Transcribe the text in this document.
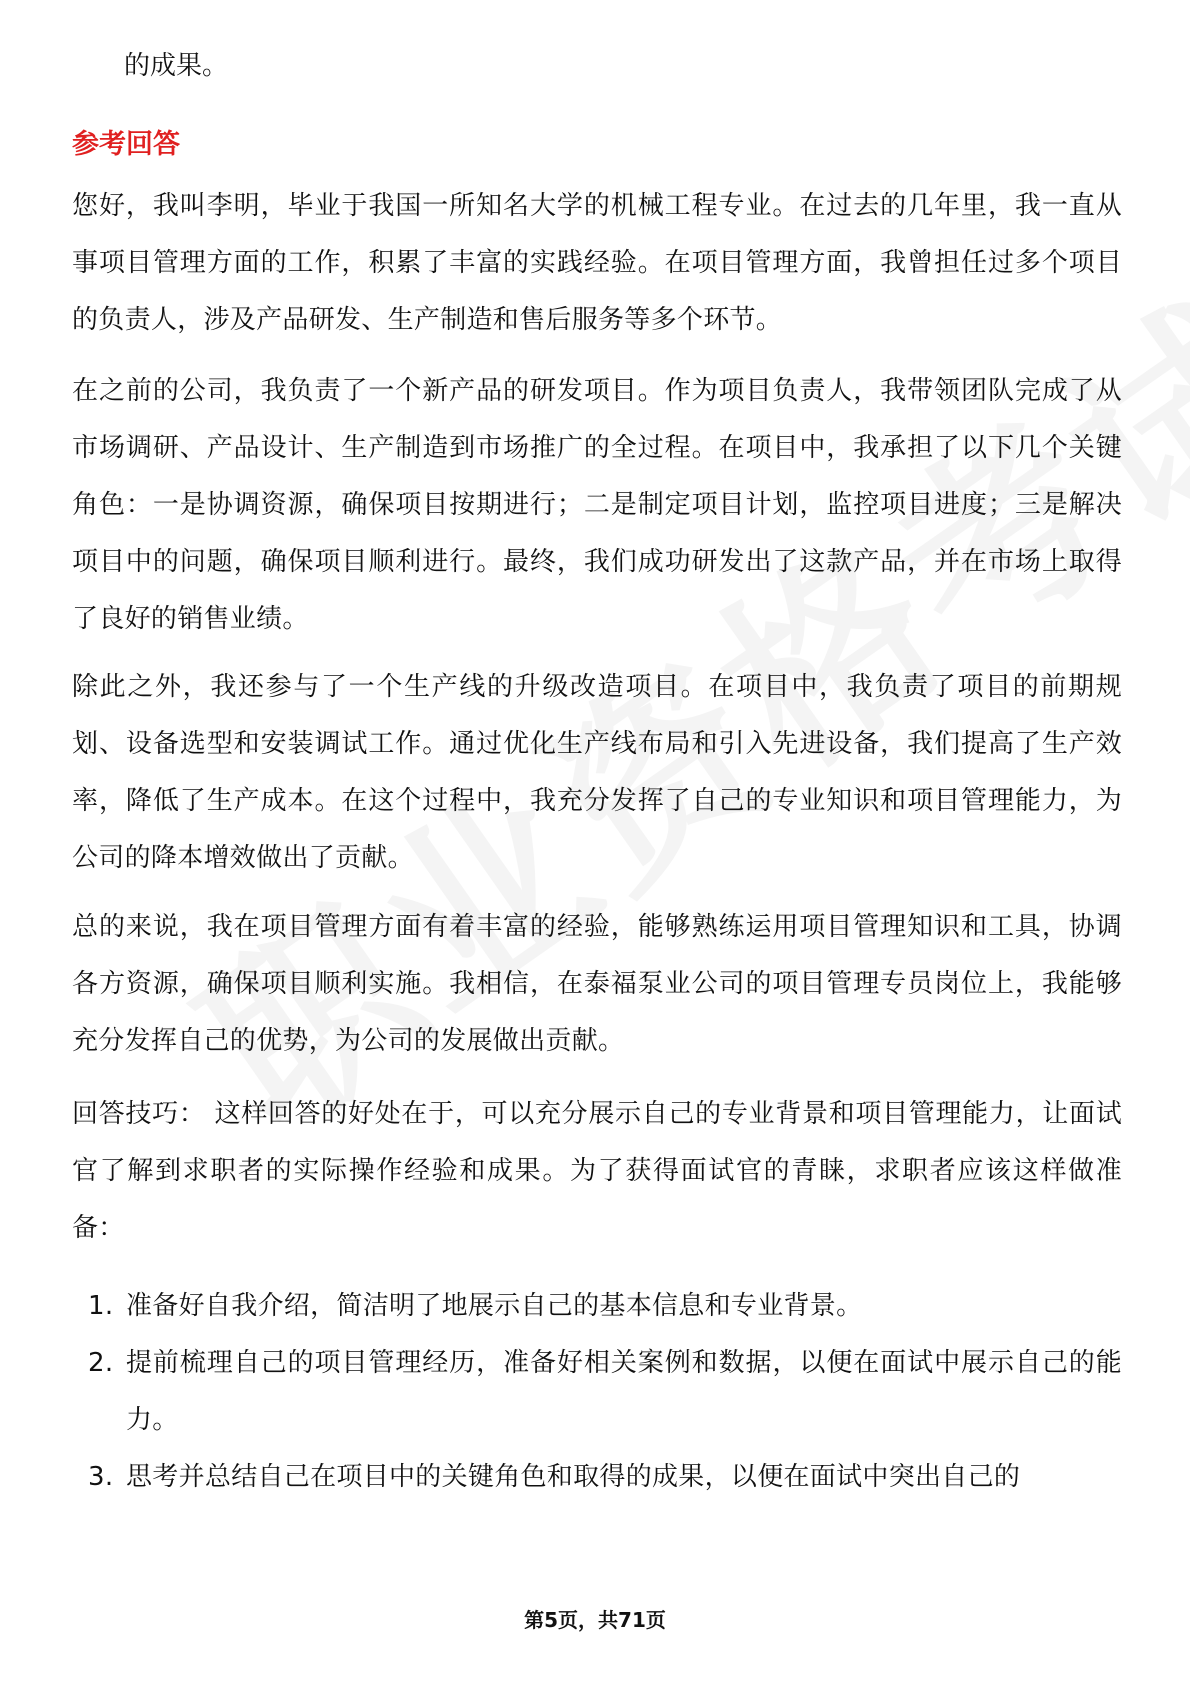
的成果。

参考回答

您好，我叫李明，毕业于我国一所知名大学的机械工程专业。在过去的几年里，我一直从事项目管理方面的工作，积累了丰富的实践经验。在项目管理方面，我曾担任过多个项目的负责人，涉及产品研发、生产制造和售后服务等多个环节。

在之前的公司，我负责了一个新产品的研发项目。作为项目负责人，我带领团队完成了从市场调研、产品设计、生产制造到市场推广的全过程。在项目中，我承担了以下几个关键角色：一是协调资源，确保项目按期进行；二是制定项目计划，监控项目进度；三是解决项目中的问题，确保项目顺利进行。最终，我们成功研发出了这款产品，并在市场上取得了良好的销售业绩。

除此之外，我还参与了一个生产线的升级改造项目。在项目中，我负责了项目的前期规划、设备选型和安装调试工作。通过优化生产线布局和引入先进设备，我们提高了生产效率，降低了生产成本。在这个过程中，我充分发挥了自己的专业知识和项目管理能力，为公司的降本增效做出了贡献。

总的来说，我在项目管理方面有着丰富的经验，能够熟练运用项目管理知识和工具，协调各方资源，确保项目顺利实施。我相信，在泰福泵业公司的项目管理专员岗位上，我能够充分发挥自己的优势，为公司的发展做出贡献。

回答技巧： 这样回答的好处在于，可以充分展示自己的专业背景和项目管理能力，让面试官了解到求职者的实际操作经验和成果。为了获得面试官的青睐，求职者应该这样做准备：

1. 准备好自我介绍，简洁明了地展示自己的基本信息和专业背景。
2. 提前梳理自己的项目管理经历，准备好相关案例和数据，以便在面试中展示自己的能力。
3. 思考并总结自己在项目中的关键角色和取得的成果，以便在面试中突出自己的

第5页，共71页
